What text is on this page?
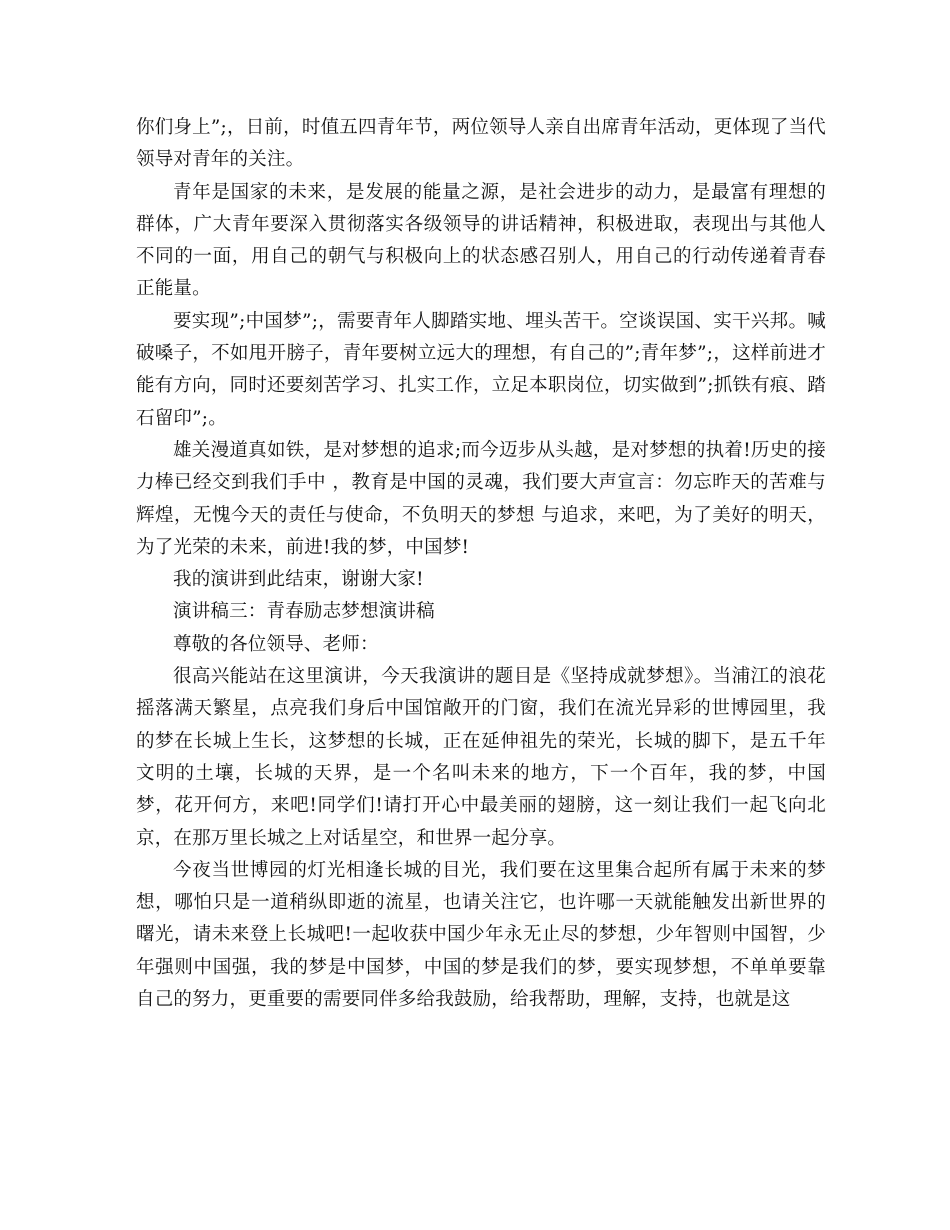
你们身上”;，日前，时值五四青年节，两位领导人亲自出席青年活动，更体现了当代领导对青年的关注。

青年是国家的未来，是发展的能量之源，是社会进步的动力，是最富有理想的群体，广大青年要深入贯彻落实各级领导的讲话精神，积极进取，表现出与其他人不同的一面，用自己的朝气与积极向上的状态感召别人，用自己的行动传递着青春正能量。

要实现”;中国梦”;，需要青年人脚踏实地、埋头苦干。空谈误国、实干兴邦。喊破嗓子，不如甩开膀子，青年要树立远大的理想，有自己的”;青年梦”;，这样前进才能有方向，同时还要刻苦学习、扎实工作，立足本职岗位，切实做到”;抓铁有痕、踏石留印”;。

雄关漫道真如铁，是对梦想的追求;而今迈步从头越，是对梦想的执着!历史的接力棒已经交到我们手中 ，教育是中国的灵魂，我们要大声宣言：勿忘昨天的苦难与辉煌，无愧今天的责任与使命，不负明天的梦想 与追求，来吧，为了美好的明天，为了光荣的未来，前进!我的梦，中国梦!

我的演讲到此结束，谢谢大家!

演讲稿三：青春励志梦想演讲稿

尊敬的各位领导、老师：

很高兴能站在这里演讲，今天我演讲的题目是《坚持成就梦想》。当浦江的浪花摇落满天繁星，点亮我们身后中国馆敞开的门窗，我们在流光异彩的世博园里，我的梦在长城上生长，这梦想的长城，正在延伸祖先的荣光，长城的脚下，是五千年文明的土壤，长城的天界，是一个名叫未来的地方，下一个百年，我的梦，中国梦，花开何方，来吧!同学们!请打开心中最美丽的翅膀，这一刻让我们一起飞向北京，在那万里长城之上对话星空，和世界一起分享。

今夜当世博园的灯光相逢长城的目光，我们要在这里集合起所有属于未来的梦想，哪怕只是一道稍纵即逝的流星，也请关注它，也许哪一天就能触发出新世界的曙光，请未来登上长城吧!一起收获中国少年永无止尽的梦想，少年智则中国智，少年强则中国强，我的梦是中国梦，中国的梦是我们的梦，要实现梦想，不单单要靠自己的努力，更重要的需要同伴多给我鼓励，给我帮助，理解，支持，也就是这
